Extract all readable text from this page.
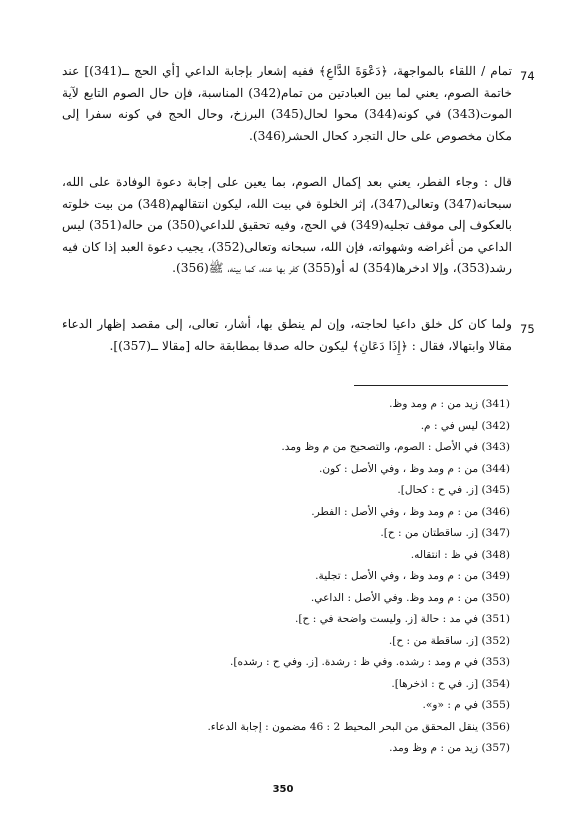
74

تمام / اللقاء بالمواجهة، ﴿دَعْوَةَ الدَّاعِ﴾ ففيه إشعار بإجابة الداعي [أي الحج ــ(341)] عند خاتمة الصوم، يعني لما بين العبادتين من تمام(342) المناسبة، فإن حال الصوم التابع لآية الموت(343) في كونه(344) محوا لحال(345) البرزخ، وحال الحج في كونه سفرا إلى مكان مخصوص على حال التجرد كحال الحشر(346).

قال : وجاء الفطر، يعني بعد إكمال الصوم، بما يعين على إجابة دعوة الوفادة على الله، سبحانه(347) وتعالى(347)، إثر الخلوة في بيت الله، ليكون انتقالهم(348) من بيت خلوته بالعكوف إلى موقف تجليه(349) في الحج، وفيه تحقيق للداعي(350) من حاله(351) ليس الداعي من أغراضه وشهواته، فإن الله، سبحانه وتعالى(352)، يجيب دعوة العبد إذا كان فيه رشد(353)، وإلا ادخرها(354) له أو(355) كفر بها عنه، كما بينه، ﷺ(356).

75

ولما كان كل خلق داعيا لحاجته، وإن لم ينطق بها، أشار، تعالى، إلى مقصد إظهار الدعاء مقالا وابتهالا، فقال : ﴿إِذَا دَعَانِ﴾ ليكون حاله صدقا بمطابقة حاله [مقالا ــ(357)].

(341) زيد من : م ومد وظ.
(342) ليس في : م.
(343) في الأصل : الصوم، والتصحيح من م وظ ومد.
(344) من : م ومد وظ ، وفي الأصل : كون.
(345) [ز. في ح : كحال].
(346) من : م ومد وظ ، وفي الأصل : الفطر.
(347) [ز. ساقطتان من : ح].
(348) في ظ : انتقاله.
(349) من : م ومد وظ ، وفي الأصل : تجلية.
(350) من : م ومد وظ. وفي الأصل : الداعي.
(351) في مد : حالة [ز. وليست واضحة في : ح].
(352) [ز. ساقطة من : ح].
(353) في م ومد : رشده. وفي ظ : رشدة. [ز. وفي ح : رشده].
(354) [ز. في ح : اذخرها].
(355) في م : «و».
(356) ينقل المحقق من البحر المحيط 2 : 46 مضمون : إجابة الدعاء.
(357) زيد من : م وظ ومد.
350
